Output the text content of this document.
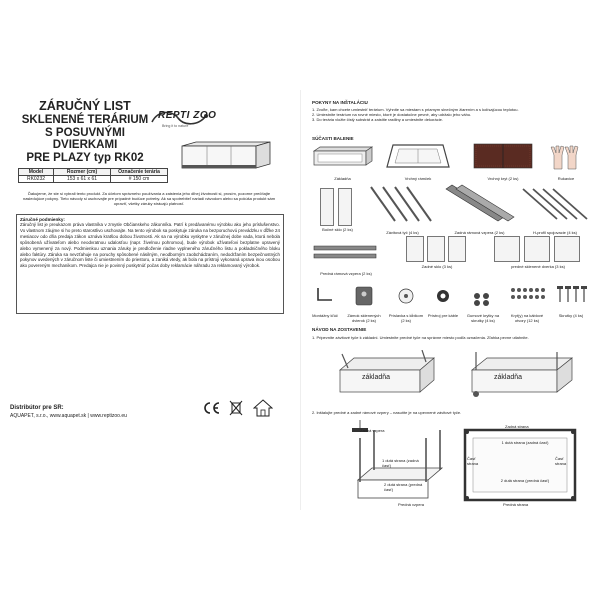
ZÁRUČNÝ LIST
SKLENENÉ TERÁRIUM
S POSUVNÝMI DVIERKAMI
PRE PLAZY typ RK02
REPTI ZOO
Bring it to nature
Model	Rozmer (cm)	Označenie terária
RK0232	153 x 61 x 61	# 150 cm
Ďakujeme, že ste si vybrali tento produkt. Za účelom správneho používania a zaistenia jeho dlhej životnosti si, prosím, pozorne prečítajte nasledujúce pokyny. Tieto návody si uschovajte pre prípadné budúce potreby. Ak sa spotrebiteľ nariadi návodom alebo sa pokúša produkt sám opraviť, všetky záruky strácajú platnosť.
Záručné podmienky:
Záručný list je preukazom práva vlastníka v zmysle Občianskeho zákonníka. Patrí k predávanému výrobku ako jeho príslušenstvo. Vo vlastnom záujme si ho preto starostlivo uschovajte. Na tento výrobok sa poskytuje záruka na bezporuchovú prevádzku v dĺžke 24 mesiacov odo dňa predaja zákon uznáva kratšou dobou životnosti. Ak sa na výrobku vyskytne v záručnej dobe vada, ktorá nebola spôsobená užívateľom alebo neodvratnou udalosťou (napr. živelnou pohromou), bude výrobok užívateľovi bezplatne opravený alebo vymenený za nový. Podmienkou uznania záruky je predloženie riadne vyplneného záručného listu a pokladničného bloku alebo faktúry. Záruka sa nevzťahuje na poruchy spôsobené násilným, neodborným zaobchádzaním, nedodržaním bezpečnostných pokynov uvedených v záručnom liste či umiestnením do priestoru, a zaniká vtedy, ak bola na prístroji vykonaná oprava inou osobou ako povereným mechanikom. Predajca nie je povinný poskytnúť počas doby reklamácie náhradu za reklamovaný výrobok.
Distribútor pre SR:
AQUAPET, s.r.o., www.aquapet.sk | www.reptizoo.eu
POKYNY NA INŠTALÁCIU
1. Zvoľte, kam chcete umiestniť terárium. Vyhnite sa miestam s priamym slnečným žiarením a s kolísajúcou teplotou.
2. Umiestnite terárium na rovné miesto, ktoré je dostatočne pevné, aby udržalo jeho váhu.
3. Do terária vložte čistý substrát a zaistite rastliny a umiestnite dekorácie.
SÚČASTI BALENIE
Základňa	Vrchný rámček	Vrchný kryt (2 ks)	Rukavice
Bočné sklo (2 ks)
Závitová tyč (4 ks)	Zadná rámová vzpera (2 ks)	H-profil spojovacie (4 ks)
Predná rámová vzpera (2 ks)
Zadné sklo (3 ks)	predné sklenené dverka (3 ks)
Montážny kľúč	Zámok sklenených dvierok (2 ks)
Príslavka s kĺbikom (2 ks)
Prístroj pre káble	Gumové krytky na skrutky (4 ks)
Kryt(y) na káblové otvory (12 ks)
Skrutky (4 ks)
NÁVOD NA ZOSTAVENIE
1. Pripevnite závitové tyče k základni. Umiestnite predné tyče na správne miesto podľa označenia. Zľahka pevne utiahnite.
základňa	základňa
2. Inštalujte predné a zadné rámové vzpery – nasuňte je na upevnené závitové tyče.
Zadná vzpera
1 dutá strana (zadná časť)
2 dutá strana (predná časť)
Predná vzpera
Zadná strana
1 dutá strana (zadná časť)
Časť strana
Časť strana
2 dutá strana (predná časť)
Predná strana
